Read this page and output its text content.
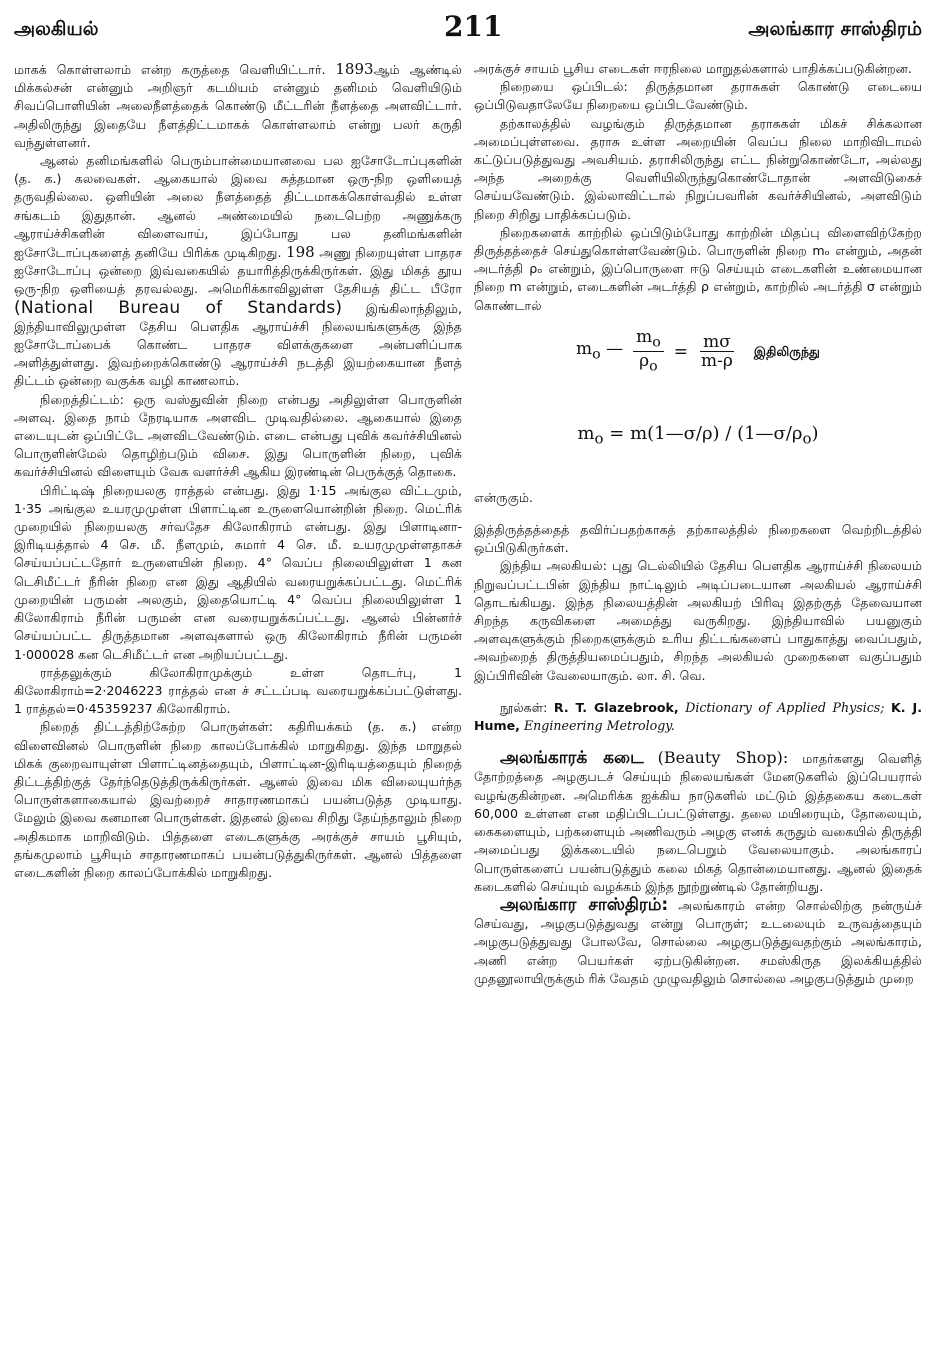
அலகியல்	211	அலங்கார சாஸ்திரம்

மாகக் கொள்ளலாம் என்ற கருத்தை வெளியிட்டார். 1893ஆம் ஆண்டில் மிக்கல்சன் என்னும் அறிஞர் கடமியம் என்னும் தனிமம் வெளியிடும் சிவப்பொளியின் அலைநீளத்தைக் கொண்டு மீட்டரின் நீளத்தை அளவிட்டார். அதிலிருந்து இதையே நீளத்திட்டமாகக் கொள்ளலாம் என்று பலர் கருதி வந்துள்ளனர்.

ஆனல் தனிமங்களில் பெரும்பான்மையானவை பல ஐசோடோப்புகளின் (த. க.) கலவைகள். ஆகையால் இவை சுத்தமான ஒரு-நிற ஒளியைத் தருவதில்லை. ஒளியின் அலை நீளத்தைத் திட்டமாகக்கொள்வதில் உள்ள சங்கடம் இதுதான். ஆனல் அண்மையில் நடைபெற்ற அணுக்கரு ஆராய்ச்சிகளின் விளைவாய், இப்போது பல தனிமங்களின் ஐசோடோப்புகளைத் தனியே பிரிக்க முடிகிறது. 198 அணு நிறையுள்ள பாதரச ஐசோடோப்பு ஒன்றை இவ்வகையில் தயாரித்திருக்கிருர்கள். இது மிகத் தூய ஒரு-நிற ஒளியைத் தரவல்லது. அமெரிக்காவிலுள்ள தேசியத் திட்ட பீரோ (National Bureau of Standards) இங்கிலாந்திலும், இந்தியாவிலுமுள்ள தேசிய பௌதிக ஆராய்ச்சி நிலையங்களுக்கு இந்த ஐசோடோப்பைக் கொண்ட பாதரச விளக்குகளை அன்பளிப்பாக அளித்துள்ளது. இவற்றைக்கொண்டு ஆராய்ச்சி நடத்தி இயற்கையான நீளத் திட்டம் ஒன்றை வகுக்க வழி காணலாம்.

நிறைத்திட்டம்: ஒரு வஸ்துவின் நிறை என்பது அதிலுள்ள பொருளின் அளவு. இதை நாம் நேரடியாக அளவிட முடிவதில்லை. ஆகையால் இதை எடையுடன் ஒப்பிட்டே அளவிடவேண்டும். எடை என்பது புவிக் கவர்ச்சியினல் பொருளின்மேல் தொழிற்படும் விசை. இது பொருளின் நிறை, புவிக் கவர்ச்சியினல் விளையும் வேக வளர்ச்சி ஆகிய இரண்டின் பெருக்குத் தொகை.

பிரிட்டிஷ் நிறையலகு ராத்தல் என்பது. இது 1·15 அங்குல விட்டமும், 1·35 அங்குல உயரமுமுள்ள பிளாட்டின உருளையொன்றின் நிறை. மெட்ரிக் முறையில் நிறையலகு சர்வதேச கிலோகிராம் என்பது. இது பிளாடினா-இரிடியத்தால் 4 செ. மீ. நீளமும், சுமார் 4 செ. மீ. உயரமுமுள்ளதாகச் செய்யப்பட்டதோர் உருளையின் நிறை. 4° வெப்ப நிலையிலுள்ள 1 கன டெசிமீட்டர் நீரின் நிறை என இது ஆதியில் வரையறுக்கப்பட்டது. மெட்ரிக் முறையின் பருமன் அலகும், இதையொட்டி 4° வெப்ப நிலையிலுள்ள 1 கிலோகிராம் நீரின் பருமன் என வரையறுக்கப்பட்டது. ஆனல் பின்னர்ச் செய்யப்பட்ட திருத்தமான அளவுகளால் ஒரு கிலோகிராம் நீரின் பருமன் 1·000028 கன டெசிமீட்டர் என அறியப்பட்டது.

ராத்தலுக்கும் கிலோகிராமுக்கும் உள்ள தொடர்பு, 1 கிலோகிராம்=2·2046223 ராத்தல் என ச் சட்டப்படி வரையறுக்கப்பட்டுள்ளது. 1 ராத்தல்=0·45359237 கிலோகிராம்.

நிறைத் திட்டத்திற்கேற்ற பொருள்கள்: கதிரியக்கம் (த. க.) என்ற விளைவினல் பொருளின் நிறை காலப்போக்கில் மாறுகிறது. இந்த மாறுதல் மிகக் குறைவாயுள்ள பிளாட்டினத்தையும், பிளாட்டின-இரிடியத்தையும் நிறைத் திட்டத்திற்குத் தேர்ந்தெடுத்திருக்கிருர்கள். ஆனல் இவை மிக விலையுயர்ந்த பொருள்களாகையால் இவற்றைச் சாதாரணமாகப் பயன்படுத்த முடியாது. மேலும் இவை கனமான பொருள்கள். இதனல் இவை சிறிது தேய்ந்தாலும் நிறை அதிகமாக மாறிவிடும். பித்தளை எடைகளுக்கு அரக்குச் சாயம் பூசியும், தங்கமுலாம் பூசியும் சாதாரணமாகப் பயன்படுத்துகிருர்கள். ஆனல் பித்தளை எடைகளின் நிறை காலப்போக்கில் மாறுகிறது.

அரக்குச் சாயம் பூசிய எடைகள் ஈரநிலை மாறுதல்களால் பாதிக்கப்படுகின்றன.

நிறையை ஒப்பிடல்: திருத்தமான தராசுகள் கொண்டு எடையை ஒப்பிடுவதாலேயே நிறையை ஒப்பிடவேண்டும்.

தற்காலத்தில் வழங்கும் திருத்தமான தராசுகள் மிகச் சிக்கலான அமைப்புள்ளவை. தராசு உள்ள அறையின் வெப்ப நிலை மாறிவிடாமல் கட்டுப்படுத்துவது அவசியம். தராசிலிருந்து எட்ட நின்றுகொண்டோ, அல்லது அந்த அறைக்கு வெளியிலிருந்துகொண்டோதான் அளவிடுகைச் செய்யவேண்டும். இல்லாவிட்டால் நிறுப்பவரின் கவர்ச்சியினல், அளவிடும் நிறை சிறிது பாதிக்கப்படும்.

நிறைகளைக் காற்றில் ஒப்பிடும்போது காற்றின் மிதப்பு விளைவிற்கேற்ற திருத்தத்தைச் செய்துகொள்ளவேண்டும். பொருளின் நிறை mₒ என்றும், அதன் அடர்த்தி ρₒ என்றும், இப்பொருளை ஈடு செய்யும் எடைகளின் உண்மையான நிறை m என்றும், எடைகளின் அடர்த்தி ρ என்றும், காற்றில் அடர்த்தி σ என்றும் கொண்டால்

$m_o$ — $\frac{m_o}{\rho_o} = \frac{m\sigma}{m-\rho}$ இதிலிருந்து
$m_o$ = m(1—σ/ρ) / $(1—\sigma/\rho_o)$

என்ருகும்.

இத்திருத்தத்தைத் தவிர்ப்பதற்காகத் தற்காலத்தில் நிறைகளை வெற்றிடத்தில் ஒப்பிடுகிருர்கள்.

இந்திய அலகியல்: புது டெல்லியில் தேசிய பௌதிக ஆராய்ச்சி நிலையம் நிறுவப்பட்டபின் இந்திய நாட்டிலும் அடிப்படையான அலகியல் ஆராய்ச்சி தொடங்கியது. இந்த நிலையத்தின் அலகியற் பிரிவு இதற்குத் தேவையான சிறந்த கருவிகளை அமைத்து வருகிறது. இந்தியாவில் பயனுகும் அளவுகளுக்கும் நிறைகளுக்கும் உரிய திட்டங்களைப் பாதுகாத்து வைப்பதும், அவற்றைத் திருத்தியமைப்பதும், சிறந்த அலகியல் முறைகளை வகுப்பதும் இப்பிரிவின் வேலையாகும். லா. சி. வெ.

நூல்கள்: R. T. Glazebrook, Dictionary of Applied Physics; K. J. Hume, Engineering Metrology.

அலங்காரக் கடை (Beauty Shop): மாதர்களது வெளித் தோற்றத்தை அழகுபடச் செய்யும் நிலையங்கள் மேனடுகளில் இப்பெயரால் வழங்குகின்றன. அமெரிக்க ஐக்கிய நாடுகளில் மட்டும் இத்தகைய கடைகள் 60,000 உள்ளன என மதிப்பிடப்பட்டுள்ளது. தலை மயிரையும், தோலையும், கைகளையும், பற்களையும் அணிவரும் அழகு எனக் கருதும் வகையில் திருத்தி அமைப்பது இக்கடையில் நடைபெறும் வேலையாகும். அலங்காரப் பொருள்களைப் பயன்படுத்தும் கலை மிகத் தொன்மையானது. ஆனல் இதைக் கடைகளில் செய்யும் வழக்கம் இந்த நூற்றுண்டில் தோன்றியது.

அலங்கார சாஸ்திரம்: அலங்காரம் என்ற சொல்லிற்கு நன்ருய்ச் செய்வது, அழகுபடுத்துவது என்று பொருள்; உடலையும் உருவத்தையும் அழகுபடுத்துவது போலவே, சொல்லை அழகுபடுத்துவதற்கும் அலங்காரம், அணி என்ற பெயர்கள் ஏற்படுகின்றன. சமஸ்கிருத இலக்கியத்தில் முதனூலாயிருக்கும் ரிக் வேதம் முழுவதிலும் சொல்லை அழகுபடுத்தும் முறை
